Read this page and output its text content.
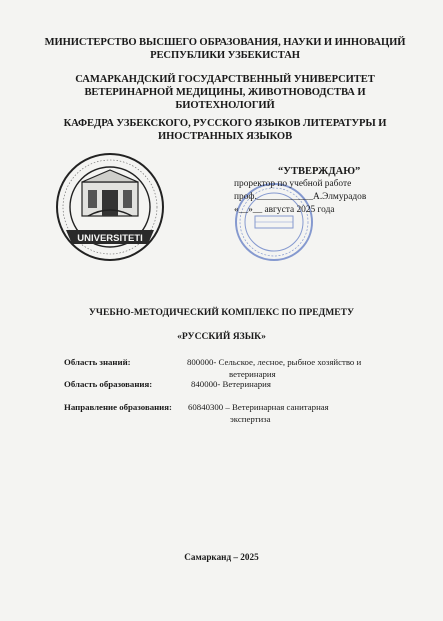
МИНИСТЕРСТВО ВЫСШЕГО ОБРАЗОВАНИЯ, НАУКИ И ИННОВАЦИЙ РЕСПУБЛИКИ УЗБЕКИСТАН
САМАРКАНДСКИЙ ГОСУДАРСТВЕННЫЙ УНИВЕРСИТЕТ ВЕТЕРИНАРНОЙ МЕДИЦИНЫ, ЖИВОТНОВОДСТВА И БИОТЕХНОЛОГИЙ
КАФЕДРА УЗБЕКСКОГО, РУССКОГО ЯЗЫКОВ ЛИТЕРАТУРЫ И ИНОСТРАННЫХ ЯЗЫКОВ
UNIVERSITETI
“УТВЕРЖДАЮ”
проректор по учебной работе
проф.____________А.Элмурадов
«__»__ августа 2025 года
УЧЕБНО-МЕТОДИЧЕСКИЙ КОМПЛЕКС ПО ПРЕДМЕТУ
«РУССКИЙ ЯЗЫК»
Область знаний:	800000- Сельское, лесное, рыбное хозяйство и
ветеринария
Область образования:	840000- Ветеринария
Направление образования: 60840300 – Ветеринарная санитарная
экспертиза
Самарканд – 2025
